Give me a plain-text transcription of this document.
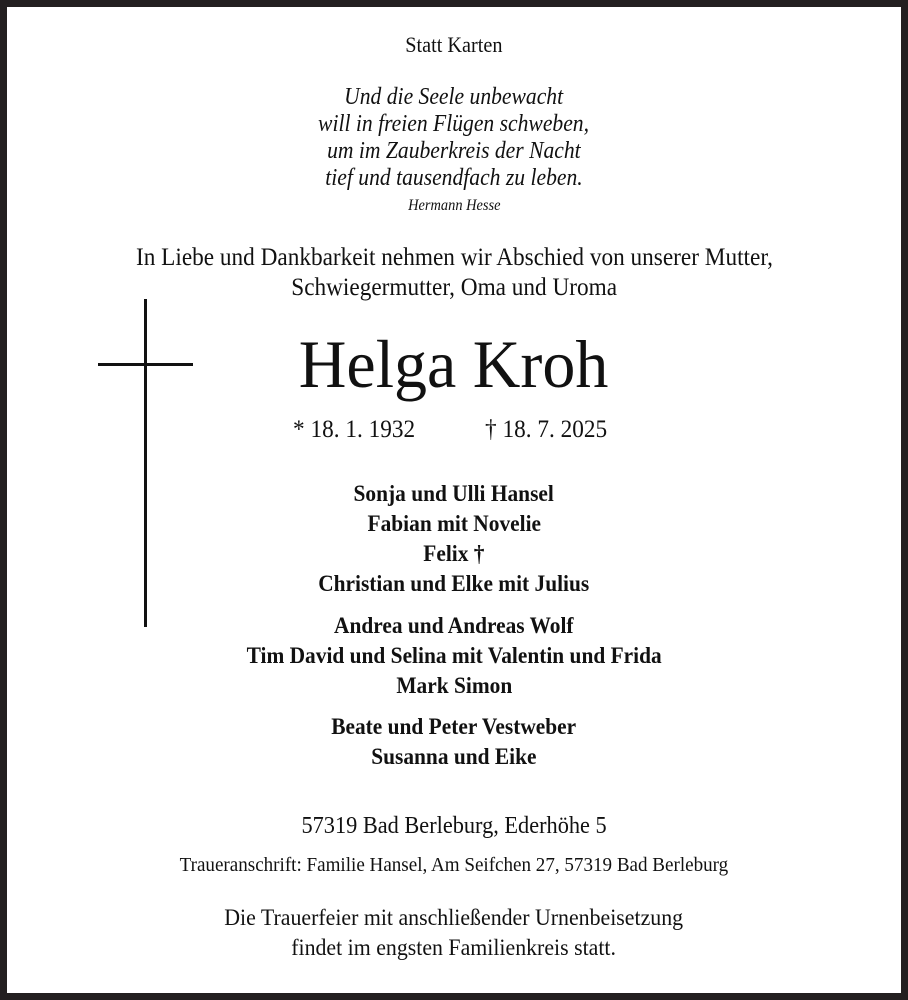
Statt Karten
Und die Seele unbewacht
will in freien Flügen schweben,
um im Zauberkreis der Nacht
tief und tausendfach zu leben.
Hermann Hesse
In Liebe und Dankbarkeit nehmen wir Abschied von unserer Mutter,
Schwiegermutter, Oma und Uroma
Helga Kroh
* 18. 1. 1932	† 18. 7. 2025
Sonja und Ulli Hansel
Fabian mit Novelie
Felix †
Christian und Elke mit Julius
Andrea und Andreas Wolf
Tim David und Selina mit Valentin und Frida
Mark Simon
Beate und Peter Vestweber
Susanna und Eike
57319 Bad Berleburg, Ederhöhe 5
Traueranschrift: Familie Hansel, Am Seifchen 27, 57319 Bad Berleburg
Die Trauerfeier mit anschließender Urnenbeisetzung
findet im engsten Familienkreis statt.
